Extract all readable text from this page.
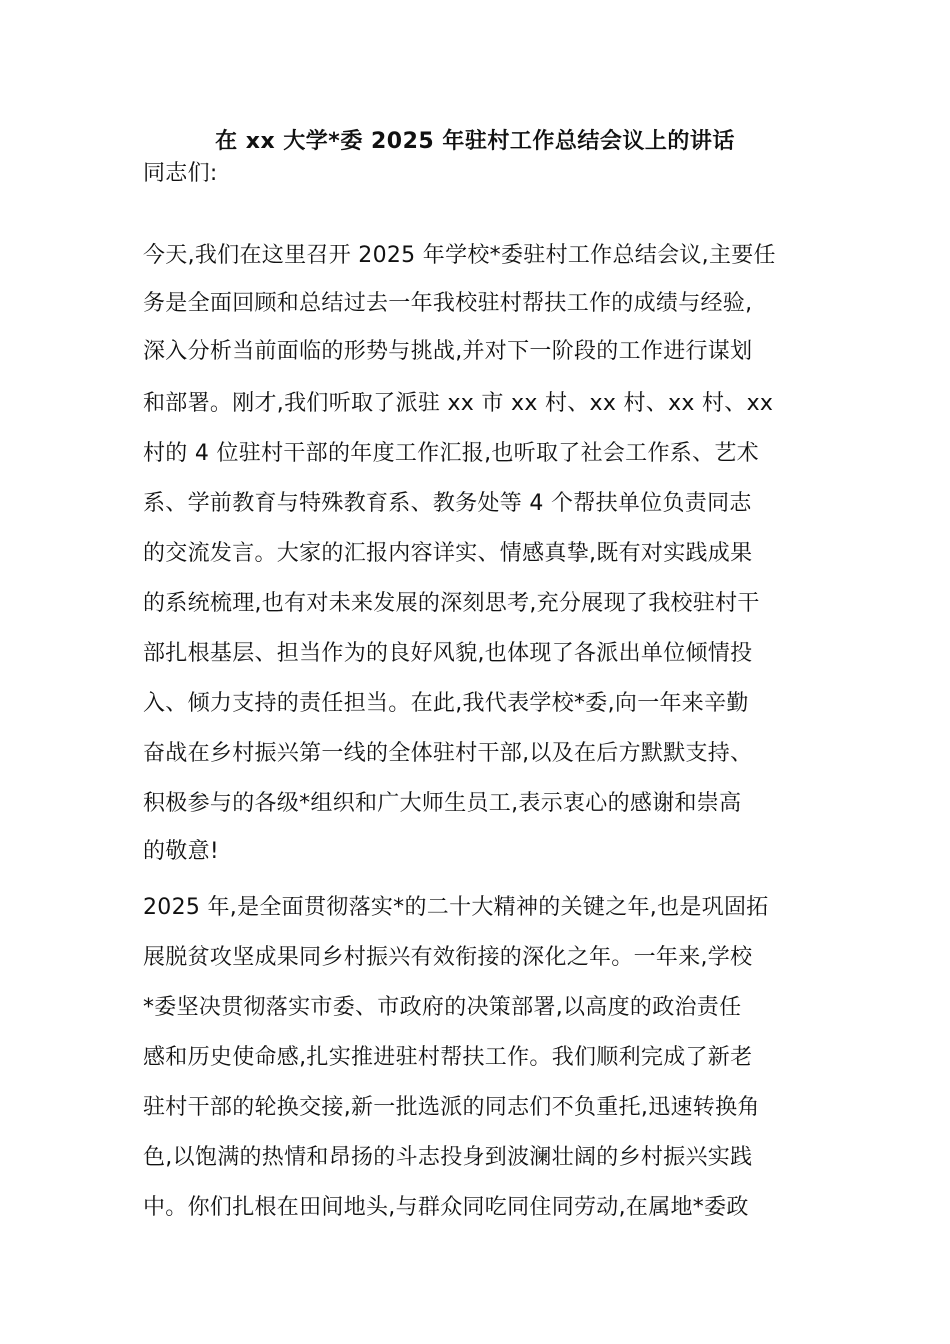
在 xx 大学*委 2025 年驻村工作总结会议上的讲话
同志们:
今天,我们在这里召开 2025 年学校*委驻村工作总结会议,主要任
务是全面回顾和总结过去一年我校驻村帮扶工作的成绩与经验,
深入分析当前面临的形势与挑战,并对下一阶段的工作进行谋划
和部署。刚才,我们听取了派驻 xx 市 xx 村、xx 村、xx 村、xx
村的 4 位驻村干部的年度工作汇报,也听取了社会工作系、艺术
系、学前教育与特殊教育系、教务处等 4 个帮扶单位负责同志
的交流发言。大家的汇报内容详实、情感真挚,既有对实践成果
的系统梳理,也有对未来发展的深刻思考,充分展现了我校驻村干
部扎根基层、担当作为的良好风貌,也体现了各派出单位倾情投
入、倾力支持的责任担当。在此,我代表学校*委,向一年来辛勤
奋战在乡村振兴第一线的全体驻村干部,以及在后方默默支持、
积极参与的各级*组织和广大师生员工,表示衷心的感谢和崇高
的敬意!
2025 年,是全面贯彻落实*的二十大精神的关键之年,也是巩固拓
展脱贫攻坚成果同乡村振兴有效衔接的深化之年。一年来,学校
*委坚决贯彻落实市委、市政府的决策部署,以高度的政治责任
感和历史使命感,扎实推进驻村帮扶工作。我们顺利完成了新老
驻村干部的轮换交接,新一批选派的同志们不负重托,迅速转换角
色,以饱满的热情和昂扬的斗志投身到波澜壮阔的乡村振兴实践
中。你们扎根在田间地头,与群众同吃同住同劳动,在属地*委政
